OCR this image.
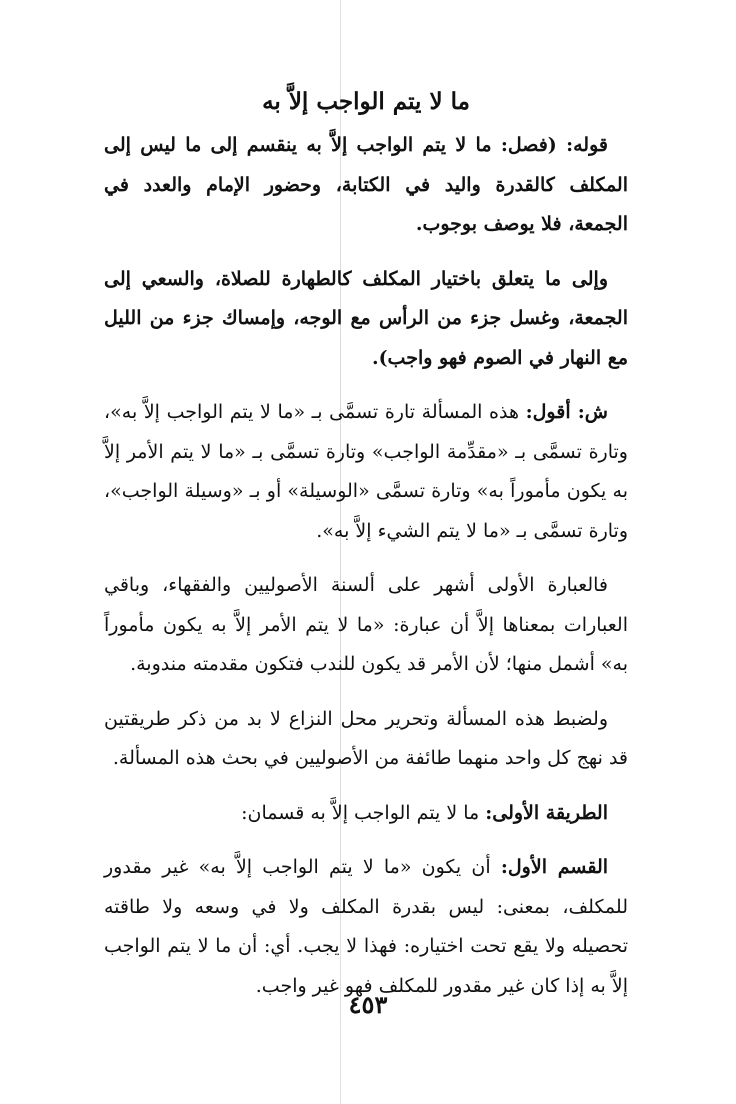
ما لا يتم الواجب إلاَّ به

قوله: (فصل: ما لا يتم الواجب إلاَّ به ينقسم إلى ما ليس إلى المكلف كالقدرة واليد في الكتابة، وحضور الإمام والعدد في الجمعة، فلا يوصف بوجوب.

وإلى ما يتعلق باختيار المكلف كالطهارة للصلاة، والسعي إلى الجمعة، وغسل جزء من الرأس مع الوجه، وإمساك جزء من الليل مع النهار في الصوم فهو واجب).

ش: أقول: هذه المسألة تارة تسمَّى بـ «ما لا يتم الواجب إلاَّ به»، وتارة تسمَّى بـ «مقدِّمة الواجب» وتارة تسمَّى بـ «ما لا يتم الأمر إلاَّ به يكون مأموراً به» وتارة تسمَّى «الوسيلة» أو بـ «وسيلة الواجب»، وتارة تسمَّى بـ «ما لا يتم الشيء إلاَّ به».

فالعبارة الأولى أشهر على ألسنة الأصوليين والفقهاء، وباقي العبارات بمعناها إلاَّ أن عبارة: «ما لا يتم الأمر إلاَّ به يكون مأموراً به» أشمل منها؛ لأن الأمر قد يكون للندب فتكون مقدمته مندوبة.

ولضبط هذه المسألة وتحرير محل النزاع لا بد من ذكر طريقتين قد نهج كل واحد منهما طائفة من الأصوليين في بحث هذه المسألة.

الطريقة الأولى: ما لا يتم الواجب إلاَّ به قسمان:

القسم الأول: أن يكون «ما لا يتم الواجب إلاَّ به» غير مقدور للمكلف، بمعنى: ليس بقدرة المكلف ولا في وسعه ولا طاقته تحصيله ولا يقع تحت اختياره: فهذا لا يجب. أي: أن ما لا يتم الواجب إلاَّ به إذا كان غير مقدور للمكلف فهو غير واجب.

٤٥٣
